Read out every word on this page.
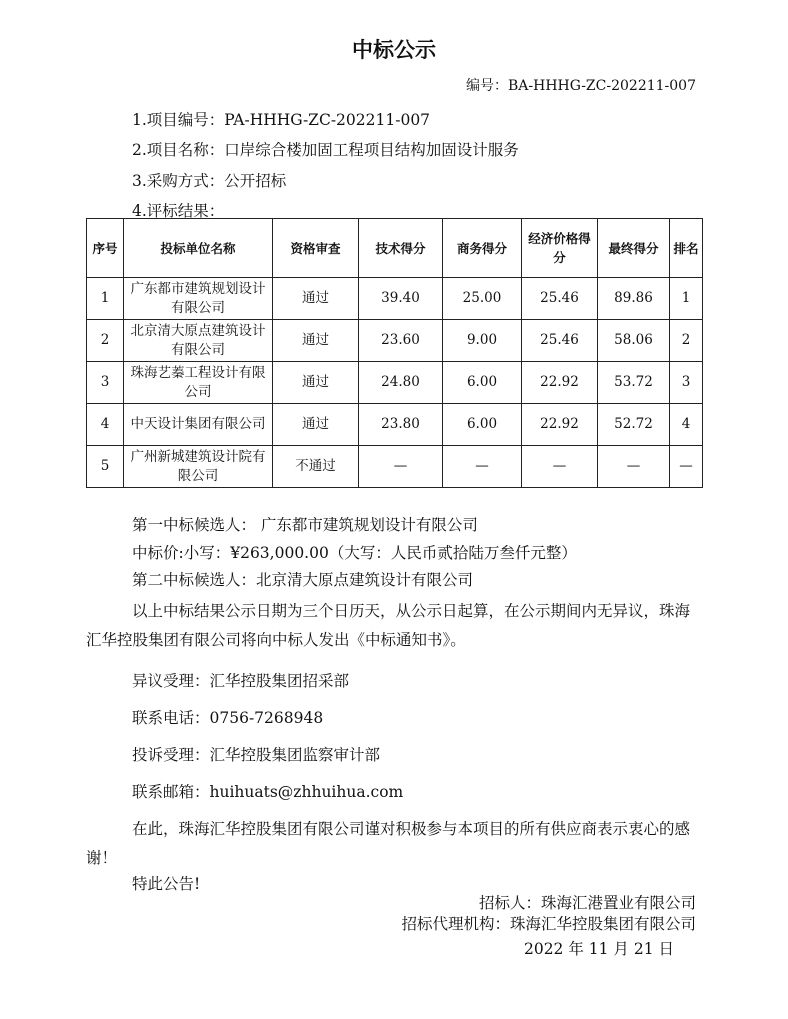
中标公示
编号：BA-HHHG-ZC-202211-007
1.项目编号：PA-HHHG-ZC-202211-007
2.项目名称：口岸综合楼加固工程项目结构加固设计服务
3.采购方式：公开招标
4.评标结果：
序号	投标单位名称	资格审查	技术得分	商务得分	经济价格得分	最终得分	排名
1	广东都市建筑规划设计有限公司	通过	39.40	25.00	25.46	89.86	1
2	北京清大原点建筑设计有限公司	通过	23.60	9.00	25.46	58.06	2
3	珠海艺蓁工程设计有限公司	通过	24.80	6.00	22.92	53.72	3
4	中天设计集团有限公司	通过	23.80	6.00	22.92	52.72	4
5	广州新城建筑设计院有限公司	不通过	—	—	—	—	—
第一中标候选人： 广东都市建筑规划设计有限公司
中标价:小写：¥263,000.00（大写：人民币贰拾陆万叁仟元整）
第二中标候选人：北京清大原点建筑设计有限公司
以上中标结果公示日期为三个日历天，从公示日起算，在公示期间内无异议，珠海汇华控股集团有限公司将向中标人发出《中标通知书》。
异议受理：汇华控股集团招采部
联系电话：0756-7268948
投诉受理：汇华控股集团监察审计部
联系邮箱：huihuats@zhhuihua.com
在此，珠海汇华控股集团有限公司谨对积极参与本项目的所有供应商表示衷心的感谢！
特此公告!
招标人：珠海汇港置业有限公司
招标代理机构：珠海汇华控股集团有限公司
2022 年 11 月 21 日
